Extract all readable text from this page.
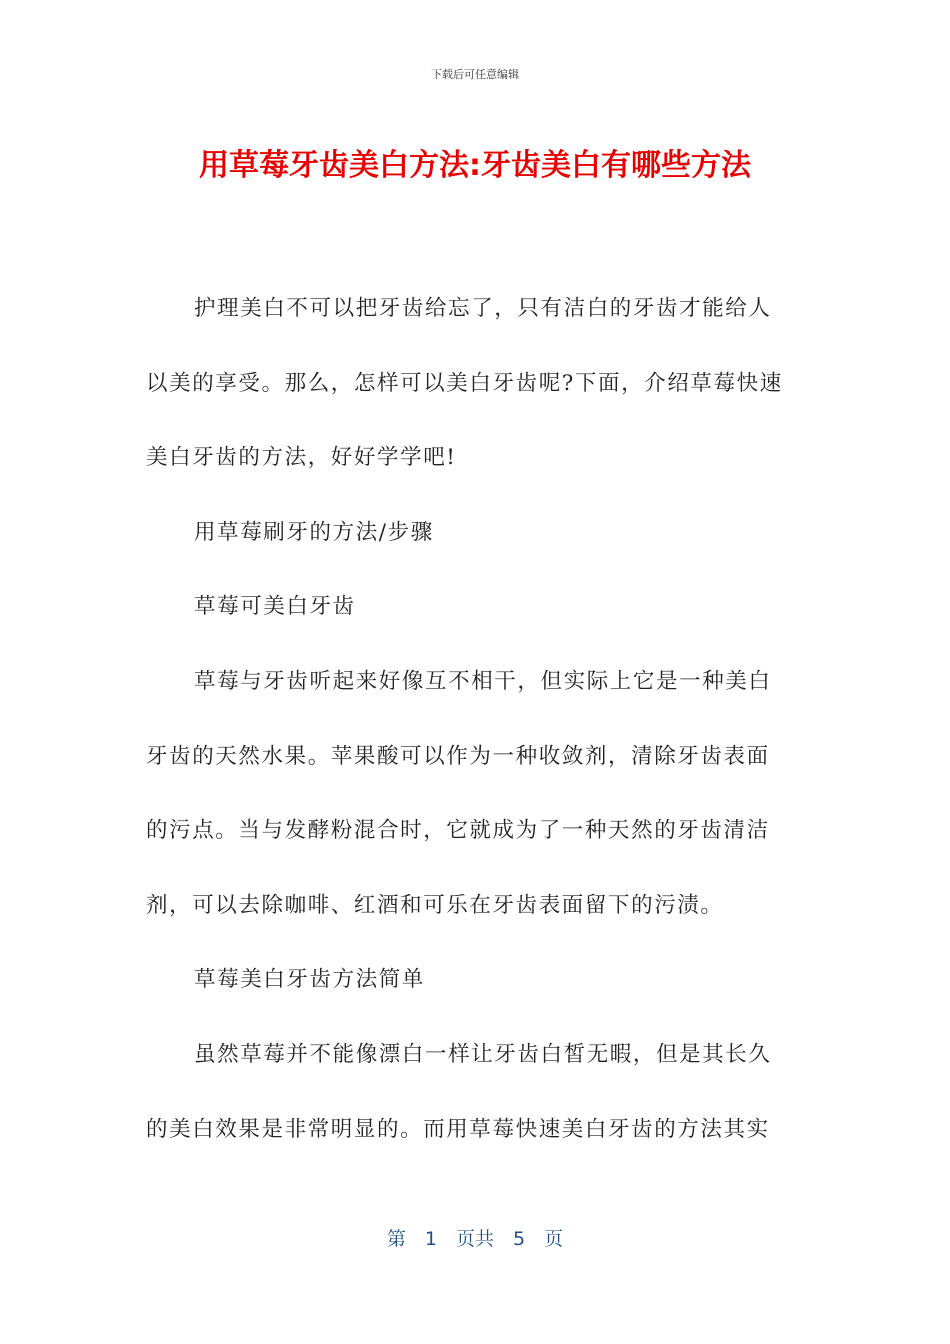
下载后可任意编辑
用草莓牙齿美白方法:牙齿美白有哪些方法
护理美白不可以把牙齿给忘了，只有洁白的牙齿才能给人
以美的享受。那么，怎样可以美白牙齿呢?下面，介绍草莓快速
美白牙齿的方法，好好学学吧!
用草莓刷牙的方法/步骤
草莓可美白牙齿
草莓与牙齿听起来好像互不相干，但实际上它是一种美白
牙齿的天然水果。苹果酸可以作为一种收敛剂，清除牙齿表面
的污点。当与发酵粉混合时，它就成为了一种天然的牙齿清洁
剂，可以去除咖啡、红酒和可乐在牙齿表面留下的污渍。
草莓美白牙齿方法简单
虽然草莓并不能像漂白一样让牙齿白皙无暇，但是其长久
的美白效果是非常明显的。而用草莓快速美白牙齿的方法其实
第　1　页共　5　页
